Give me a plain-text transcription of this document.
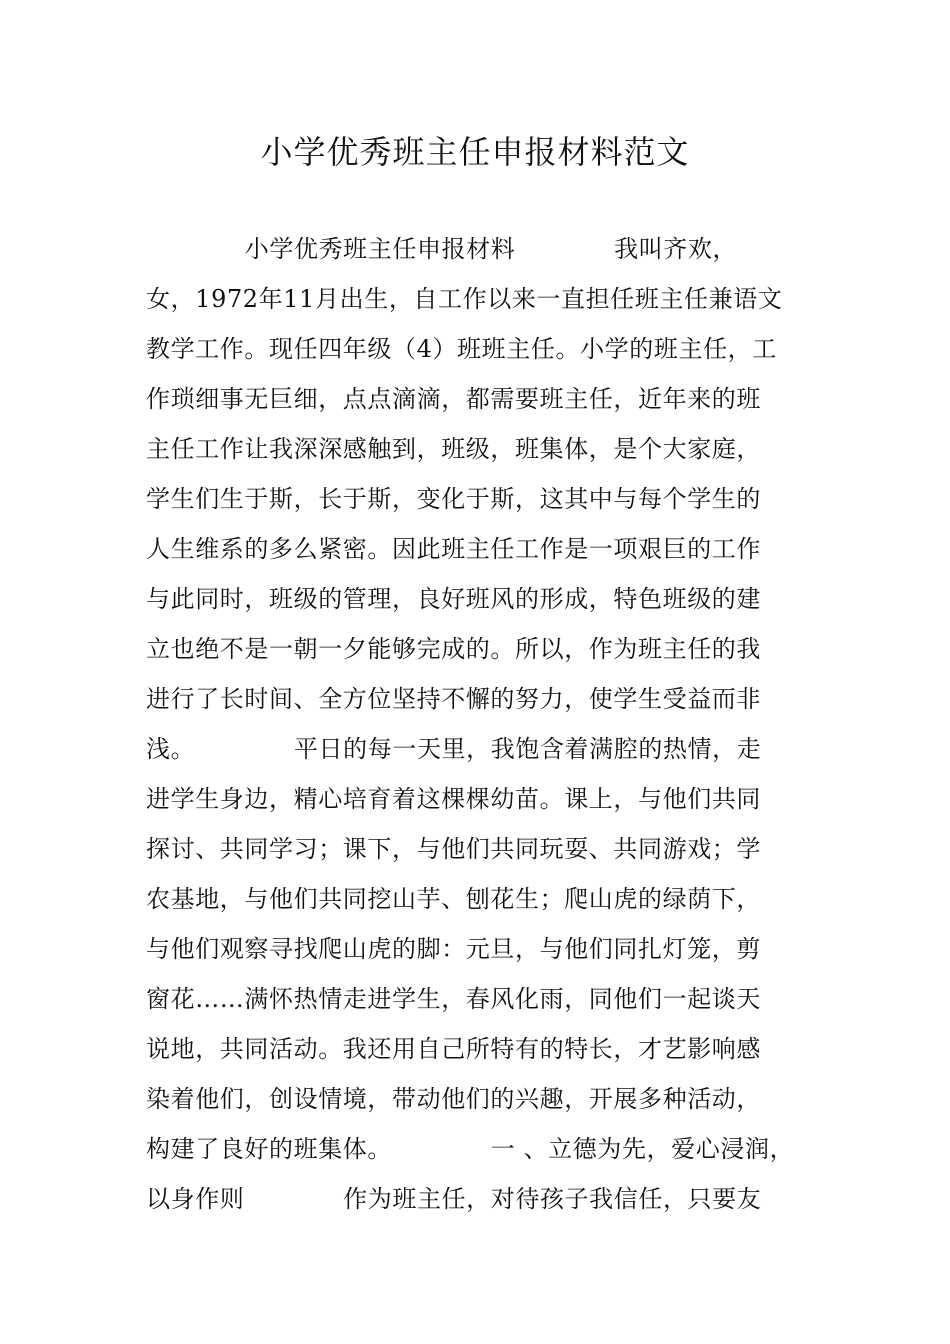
小学优秀班主任申报材料范文
小学优秀班主任申报材料            我叫齐欢，
女，1972年11月出生，自工作以来一直担任班主任兼语文
教学工作。现任四年级（4）班班主任。小学的班主任，工
作琐细事无巨细，点点滴滴，都需要班主任，近年来的班
主任工作让我深深感触到，班级，班集体，是个大家庭，
学生们生于斯，长于斯，变化于斯，这其中与每个学生的
人生维系的多么紧密。因此班主任工作是一项艰巨的工作
与此同时，班级的管理，良好班风的形成，特色班级的建
立也绝不是一朝一夕能够完成的。所以，作为班主任的我
进行了长时间、全方位坚持不懈的努力，使学生受益而非
浅。            平日的每一天里，我饱含着满腔的热情，走
进学生身边，精心培育着这棵棵幼苗。课上，与他们共同
探讨、共同学习；课下，与他们共同玩耍、共同游戏；学
农基地，与他们共同挖山芋、刨花生；爬山虎的绿荫下，
与他们观察寻找爬山虎的脚：元旦，与他们同扎灯笼，剪
窗花……满怀热情走进学生，春风化雨，同他们一起谈天
说地，共同活动。我还用自己所特有的特长，才艺影响感
染着他们，创设情境，带动他们的兴趣，开展多种活动，
构建了良好的班集体。            一 、立德为先，爱心浸润，
以身作则            作为班主任，对待孩子我信任，只要友
